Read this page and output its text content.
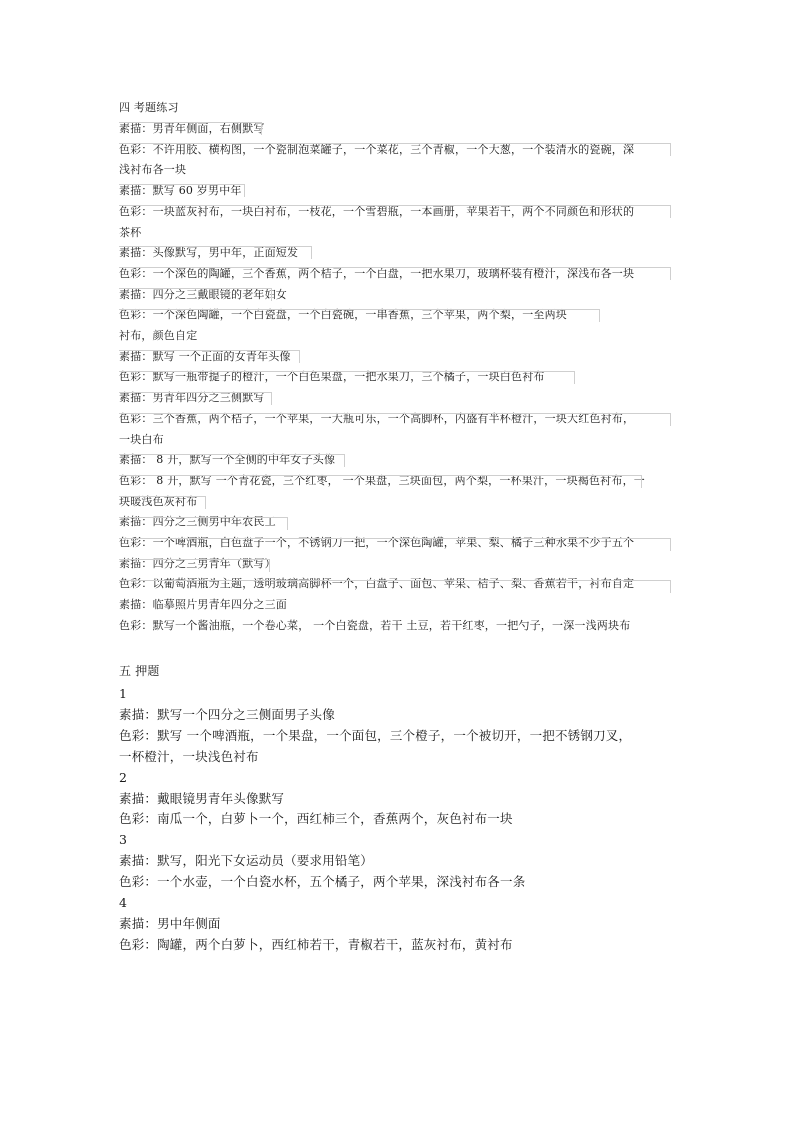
四 考题练习
素描：男青年侧面，右侧默写
色彩：不许用胶、横构图，一个瓷制泡菜罐子，一个菜花，三个青椒，一个大葱，一个装清水的瓷碗，深
浅衬布各一块
素描：默写 60 岁男中年
色彩：一块蓝灰衬布，一块白衬布，一枝花，一个雪碧瓶，一本画册，苹果若干，两个不同颜色和形状的
茶杯
素描：头像默写，男中年，正面短发
色彩：一个深色的陶罐，三个香蕉，两个桔子，一个白盘，一把水果刀，玻璃杯装有橙汁，深浅布各一块
素描：四分之三戴眼镜的老年妇女
色彩：一个深色陶罐，一个白瓷盘，一个白瓷碗，一串香蕉，三个苹果，两个梨，一至两块
衬布，颜色自定
素描：默写 一个正面的女青年头像
色彩：默写一瓶带提子的橙汁，一个白色果盘，一把水果刀，三个橘子，一块白色衬布
素描：男青年四分之三侧默写
色彩：三个香蕉，两个桔子，一个苹果，一大瓶可乐，一个高脚杯，内盛有半杯橙汁，一块大红色衬布，
一块白布
素描： 8 开，默写一个全侧的中年女子头像
色彩： 8 开，默写 一个青花瓷，三个红枣， 一个果盘，三块面包，两个梨，一杯果汁，一块褐色衬布，一
块暖浅色灰衬布
素描：四分之三侧男中年农民工
色彩：一个啤酒瓶，白色盘子一个，不锈钢刀一把，一个深色陶罐，苹果、梨、橘子三种水果不少于五个
素描：四分之三男青年（默写）
色彩：以葡萄酒瓶为主题，透明玻璃高脚杯一个，白盘子、面包、苹果、桔子、梨、香蕉若干，衬布自定
素描：临摹照片男青年四分之三面
色彩：默写一个酱油瓶，一个卷心菜， 一个白瓷盘，若干 土豆，若干红枣，一把勺子，一深一浅两块布
五 押题
1
素描：默写一个四分之三侧面男子头像
色彩：默写 一个啤酒瓶，一个果盘，一个面包，三个橙子，一个被切开，一把不锈钢刀叉，
一杯橙汁，一块浅色衬布
2
素描：戴眼镜男青年头像默写
色彩：南瓜一个，白萝卜一个，西红柿三个，香蕉两个，灰色衬布一块
3
素描：默写，阳光下女运动员（要求用铅笔）
色彩：一个水壶，一个白瓷水杯，五个橘子，两个苹果，深浅衬布各一条
4
素描：男中年侧面
色彩：陶罐，两个白萝卜，西红柿若干，青椒若干，蓝灰衬布，黄衬布
